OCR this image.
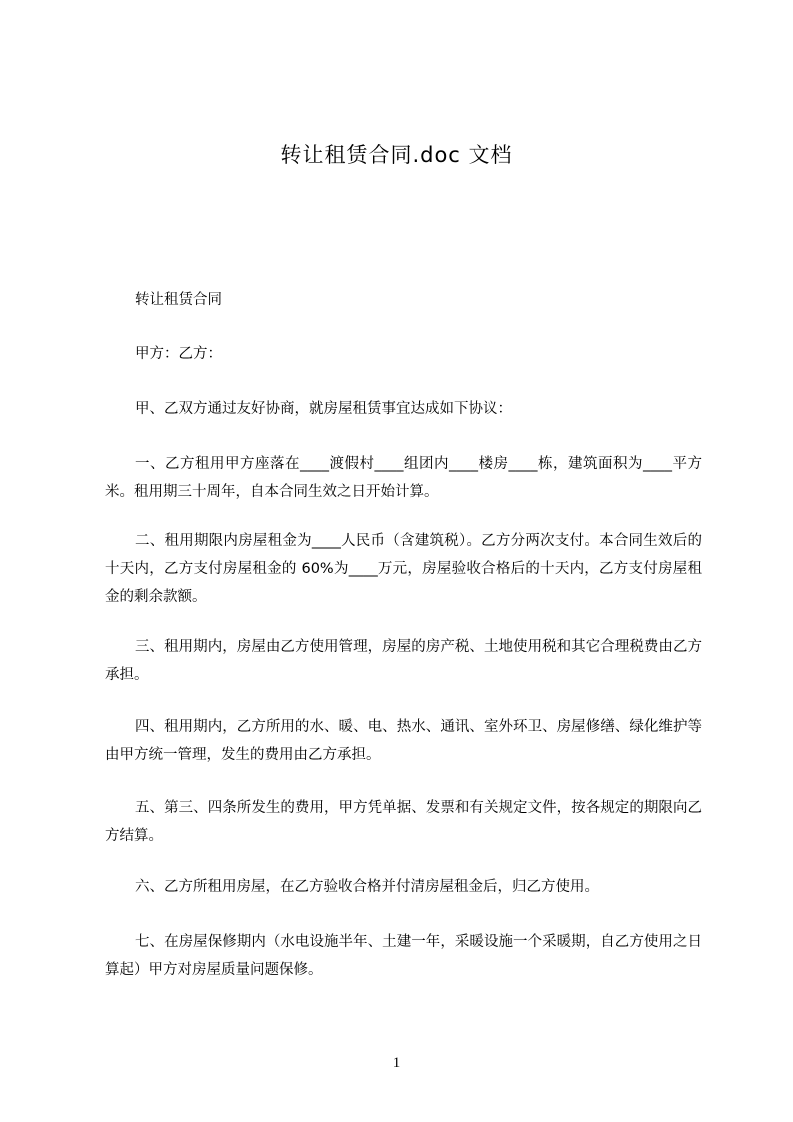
转让租赁合同.doc 文档

转让租赁合同

甲方：乙方：

甲、乙双方通过友好协商，就房屋租赁事宜达成如下协议：

一、乙方租用甲方座落在____渡假村____组团内____楼房____栋，建筑面积为____平方米。租用期三十周年，自本合同生效之日开始计算。

二、租用期限内房屋租金为____人民币（含建筑税）。乙方分两次支付。本合同生效后的十天内，乙方支付房屋租金的 60%为____万元，房屋验收合格后的十天内，乙方支付房屋租金的剩余款额。

三、租用期内，房屋由乙方使用管理，房屋的房产税、土地使用税和其它合理税费由乙方承担。

四、租用期内，乙方所用的水、暖、电、热水、通讯、室外环卫、房屋修缮、绿化维护等由甲方统一管理，发生的费用由乙方承担。

五、第三、四条所发生的费用，甲方凭单据、发票和有关规定文件，按各规定的期限向乙方结算。

六、乙方所租用房屋，在乙方验收合格并付清房屋租金后，归乙方使用。

七、在房屋保修期内（水电设施半年、土建一年，采暖设施一个采暖期，自乙方使用之日算起）甲方对房屋质量问题保修。

1
